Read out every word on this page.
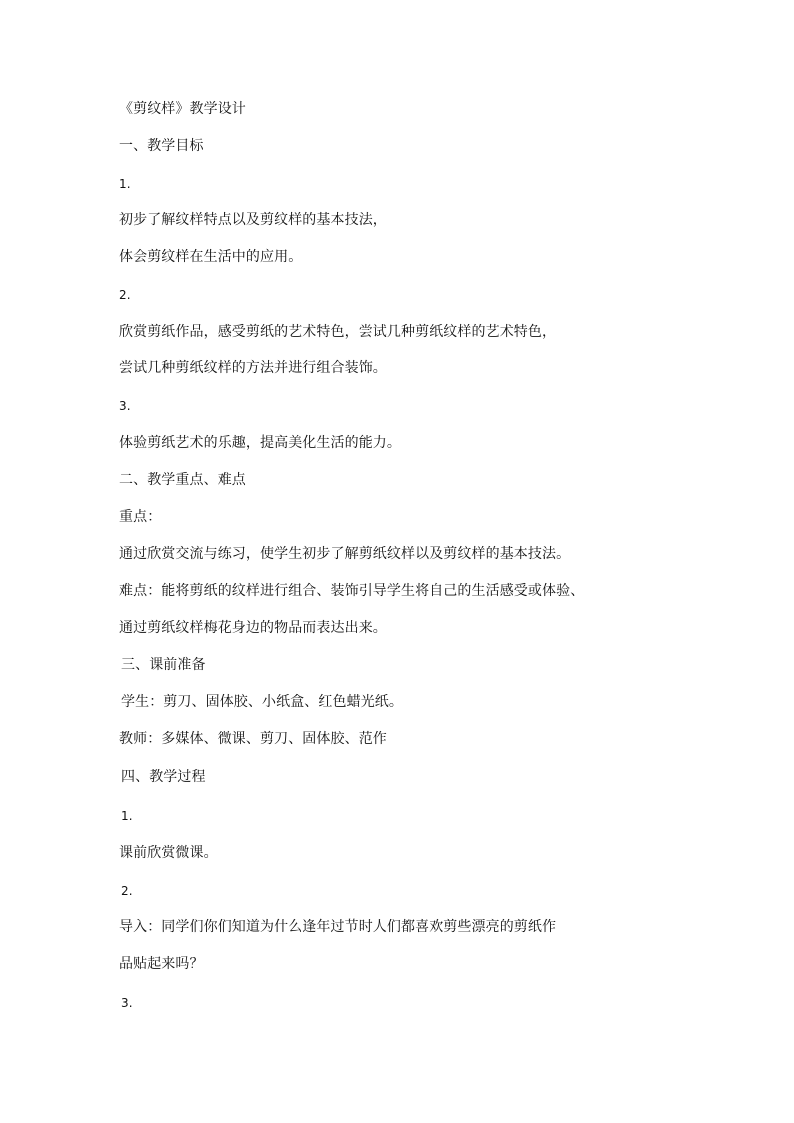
《剪纹样》教学设计
一、教学目标
1.
初步了解纹样特点以及剪纹样的基本技法，
体会剪纹样在生活中的应用。
2.
欣赏剪纸作品，感受剪纸的艺术特色，尝试几种剪纸纹样的艺术特色，
尝试几种剪纸纹样的方法并进行组合装饰。
3.
体验剪纸艺术的乐趣，提高美化生活的能力。
二、教学重点、难点
重点：
通过欣赏交流与练习，使学生初步了解剪纸纹样以及剪纹样的基本技法。
难点：能将剪纸的纹样进行组合、装饰引导学生将自己的生活感受或体验、
通过剪纸纹样梅花身边的物品而表达出来。
三、课前准备
学生：剪刀、固体胶、小纸盒、红色蜡光纸。
教师：多媒体、微课、剪刀、固体胶、范作
四、教学过程
1.
课前欣赏微课。
2.
导入：同学们你们知道为什么逢年过节时人们都喜欢剪些漂亮的剪纸作
品贴起来吗？
3.
